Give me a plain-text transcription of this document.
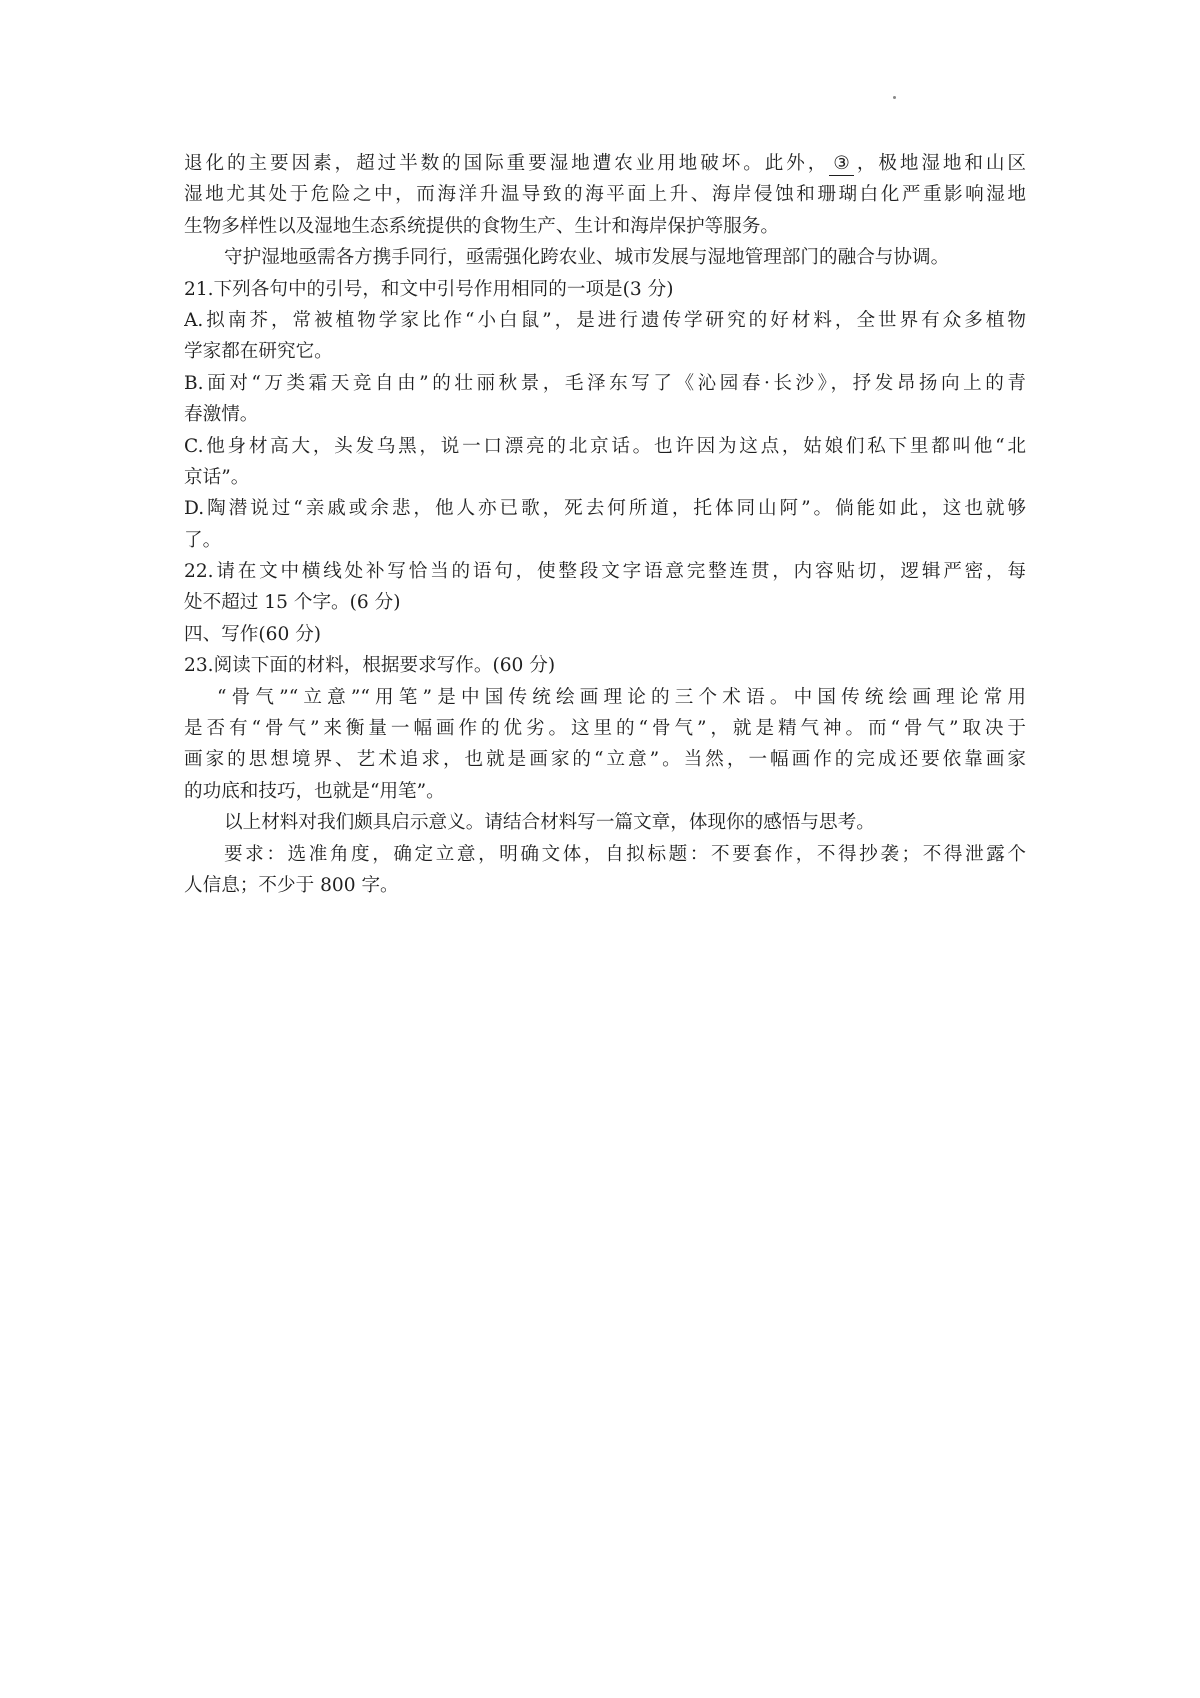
退化的主要因素，超过半数的国际重要湿地遭农业用地破坏。此外， ③ ，极地湿地和山区
湿地尤其处于危险之中，而海洋升温导致的海平面上升、海岸侵蚀和珊瑚白化严重影响湿地
生物多样性以及湿地生态系统提供的食物生产、生计和海岸保护等服务。
守护湿地亟需各方携手同行，亟需强化跨农业、城市发展与湿地管理部门的融合与协调。
21.下列各句中的引号，和文中引号作用相同的一项是(3 分)
A.拟南芥，常被植物学家比作“小白鼠”，是进行遗传学研究的好材料，全世界有众多植物
学家都在研究它。
B.面对“万类霜天竞自由”的壮丽秋景，毛泽东写了《沁园春·长沙》，抒发昂扬向上的青
春激情。
C.他身材高大，头发乌黑，说一口漂亮的北京话。也许因为这点，姑娘们私下里都叫他“北
京话”。
D.陶潜说过“亲戚或余悲，他人亦已歌，死去何所道，托体同山阿”。倘能如此，这也就够
了。
22.请在文中横线处补写恰当的语句，使整段文字语意完整连贯，内容贴切，逻辑严密，每
处不超过 15 个字。(6 分)
四、写作(60 分)
23.阅读下面的材料，根据要求写作。(60 分)
“骨气”“立意”“用笔”是中国传统绘画理论的三个术语。中国传统绘画理论常用
是否有“骨气”来衡量一幅画作的优劣。这里的“骨气”，就是精气神。而“骨气”取决于
画家的思想境界、艺术追求，也就是画家的“立意”。当然，一幅画作的完成还要依靠画家
的功底和技巧，也就是“用笔”。
以上材料对我们颇具启示意义。请结合材料写一篇文章，体现你的感悟与思考。
要求：选准角度，确定立意，明确文体，自拟标题：不要套作，不得抄袭；不得泄露个
人信息；不少于 800 字。
